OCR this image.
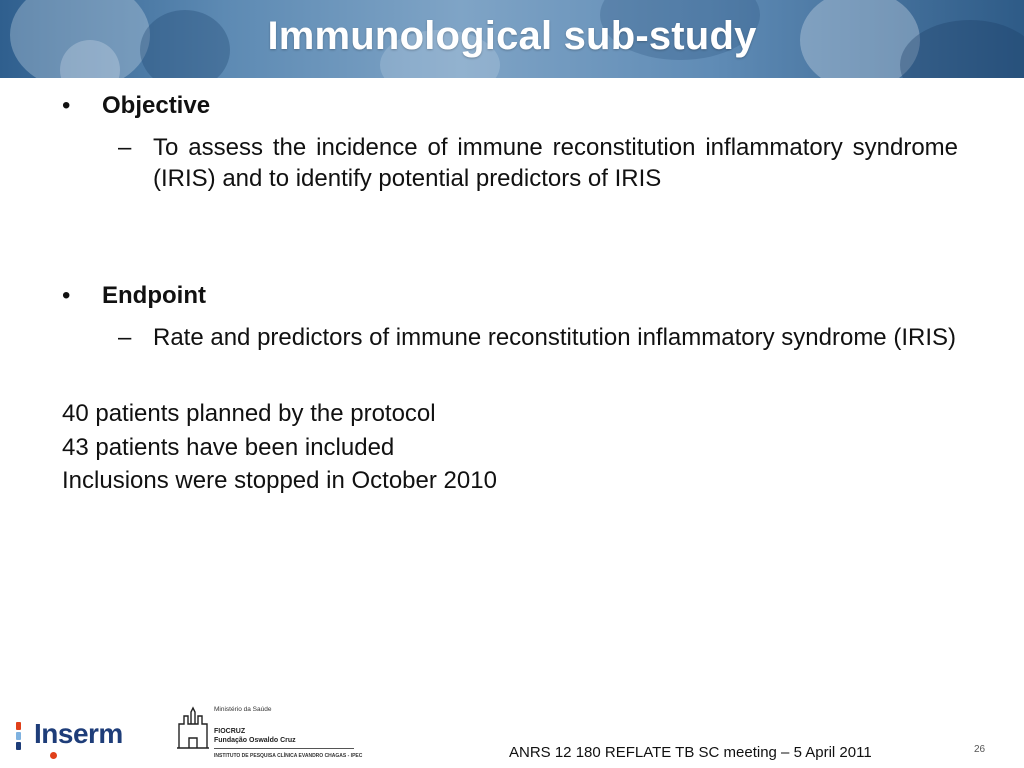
Immunological sub-study
• Objective
– To assess the incidence of immune reconstitution inflammatory syndrome (IRIS) and to identify potential predictors of IRIS
• Endpoint
– Rate and predictors of immune reconstitution inflammatory syndrome (IRIS)
40 patients planned by the protocol
43 patients have been included
Inclusions were stopped in October 2010
Inserm
Ministério da Saúde
FIOCRUZ
Fundação Oswaldo Cruz
INSTITUTO DE PESQUISA CLÍNICA EVANDRO CHAGAS - IPEC	ANRS 12 180 REFLATE TB SC meeting – 5 April 2011	26
